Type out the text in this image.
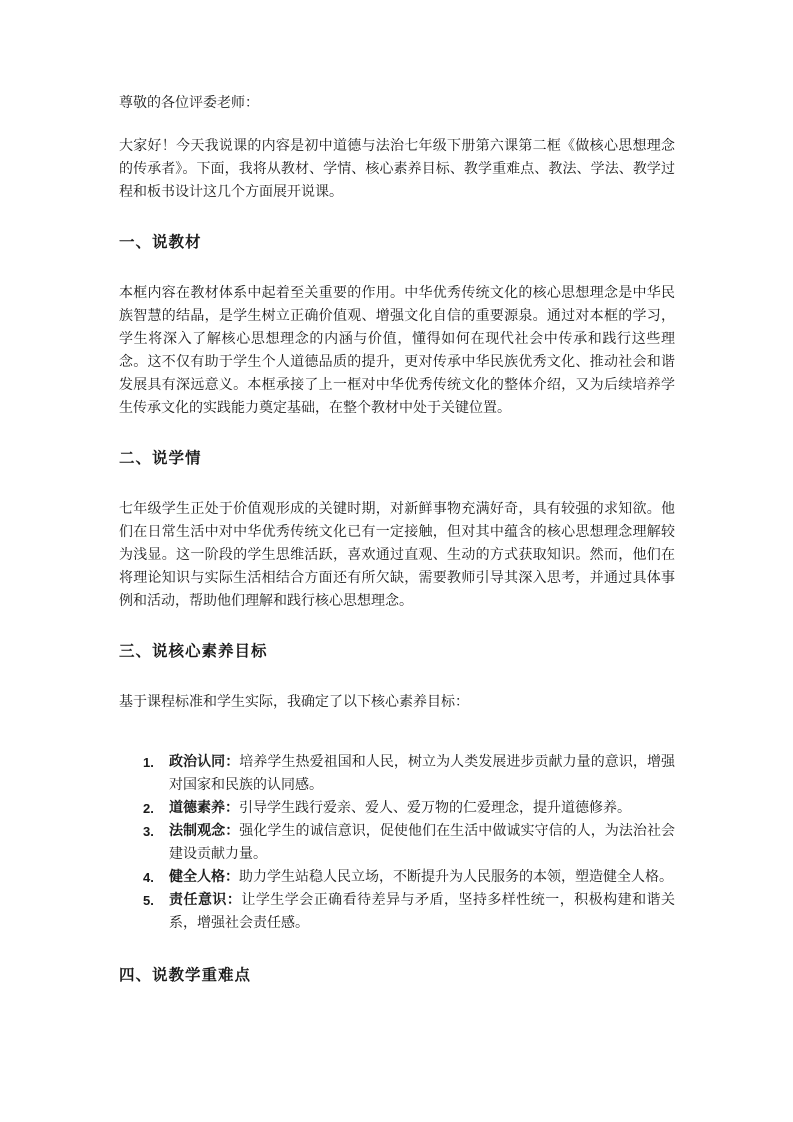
尊敬的各位评委老师：

大家好！今天我说课的内容是初中道德与法治七年级下册第六课第二框《做核心思想理念的传承者》。下面，我将从教材、学情、核心素养目标、教学重难点、教法、学法、教学过程和板书设计这几个方面展开说课。

一、说教材

本框内容在教材体系中起着至关重要的作用。中华优秀传统文化的核心思想理念是中华民族智慧的结晶，是学生树立正确价值观、增强文化自信的重要源泉。通过对本框的学习，学生将深入了解核心思想理念的内涵与价值，懂得如何在现代社会中传承和践行这些理念。这不仅有助于学生个人道德品质的提升，更对传承中华民族优秀文化、推动社会和谐发展具有深远意义。本框承接了上一框对中华优秀传统文化的整体介绍，又为后续培养学生传承文化的实践能力奠定基础，在整个教材中处于关键位置。

二、说学情

七年级学生正处于价值观形成的关键时期，对新鲜事物充满好奇，具有较强的求知欲。他们在日常生活中对中华优秀传统文化已有一定接触，但对其中蕴含的核心思想理念理解较为浅显。这一阶段的学生思维活跃，喜欢通过直观、生动的方式获取知识。然而，他们在将理论知识与实际生活相结合方面还有所欠缺，需要教师引导其深入思考，并通过具体事例和活动，帮助他们理解和践行核心思想理念。

三、说核心素养目标

基于课程标准和学生实际，我确定了以下核心素养目标：

1. 政治认同：培养学生热爱祖国和人民，树立为人类发展进步贡献力量的意识，增强对国家和民族的认同感。
2. 道德素养：引导学生践行爱亲、爱人、爱万物的仁爱理念，提升道德修养。
3. 法制观念：强化学生的诚信意识，促使他们在生活中做诚实守信的人，为法治社会建设贡献力量。
4. 健全人格：助力学生站稳人民立场，不断提升为人民服务的本领，塑造健全人格。
5. 责任意识：让学生学会正确看待差异与矛盾，坚持多样性统一，积极构建和谐关系，增强社会责任感。
四、说教学重难点
